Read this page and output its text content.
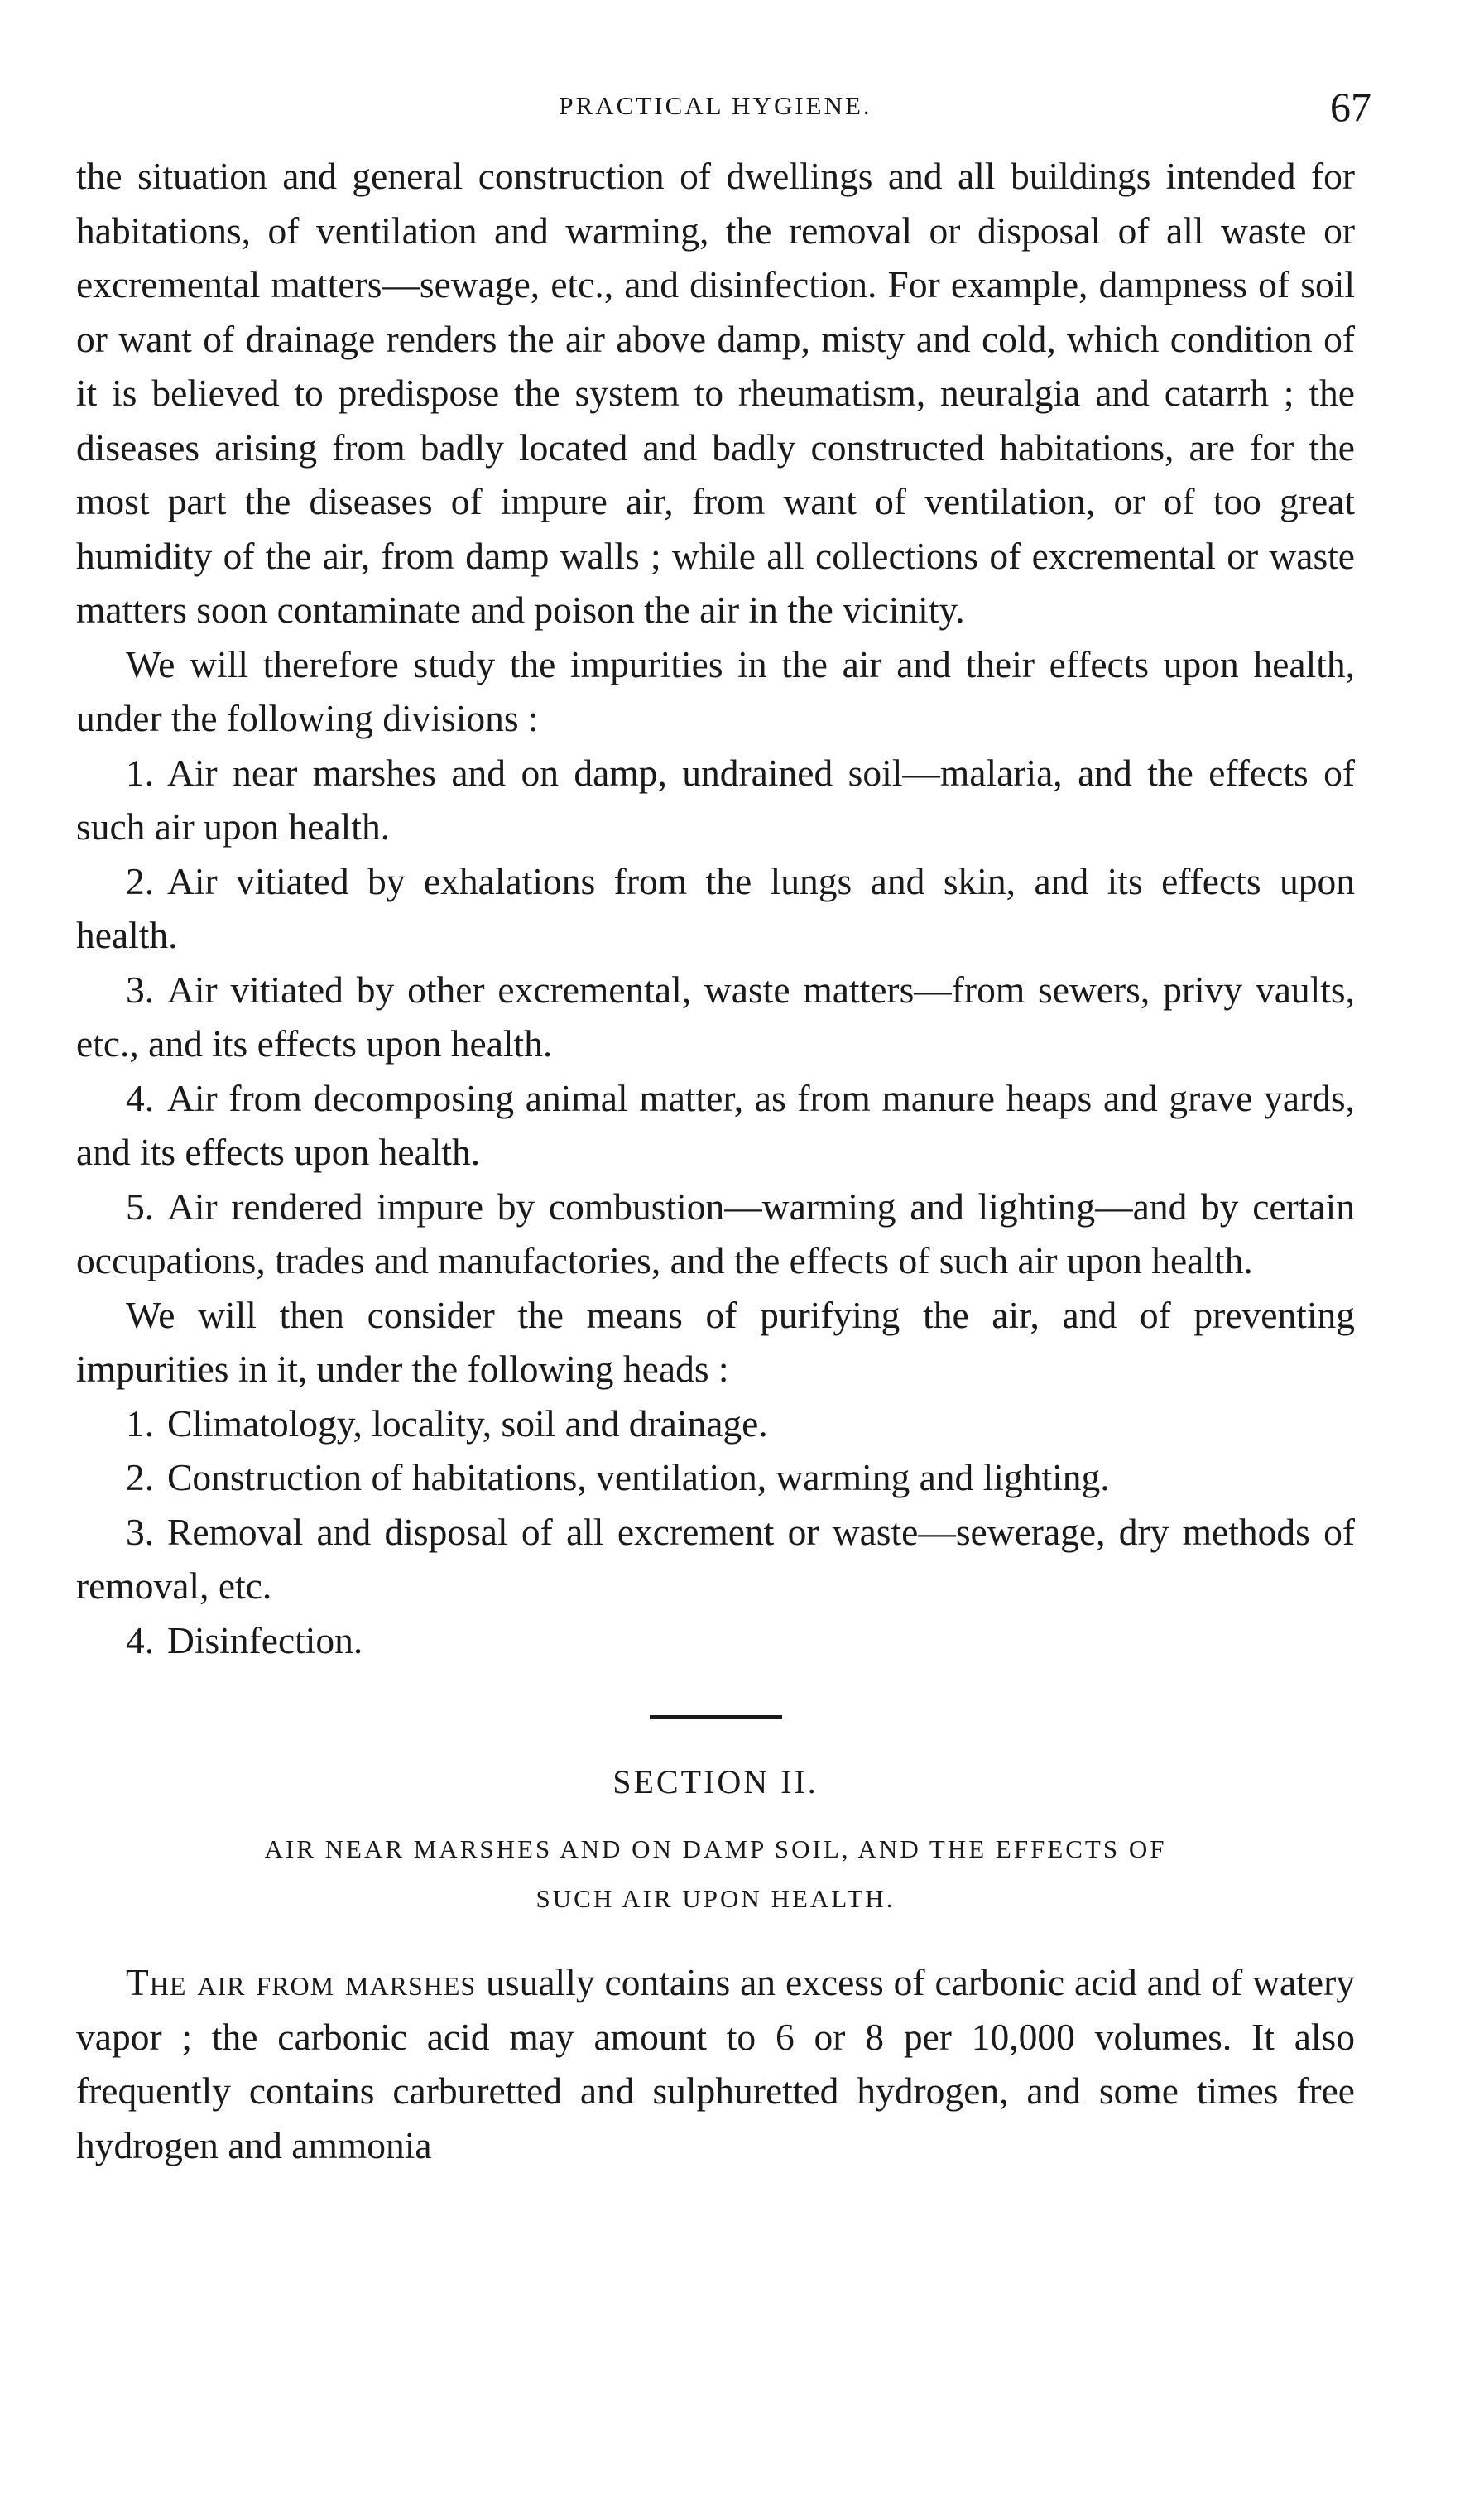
PRACTICAL HYGIENE.	67

the situation and general construction of dwellings and all buildings intended for habitations, of ventilation and warming, the removal or disposal of all waste or excremental matters—sewage, etc., and disinfection. For example, dampness of soil or want of drainage renders the air above damp, misty and cold, which condition of it is believed to predispose the system to rheumatism, neuralgia and catarrh ; the diseases arising from badly located and badly constructed habitations, are for the most part the diseases of impure air, from want of ventilation, or of too great humidity of the air, from damp walls ; while all collections of excremental or waste matters soon contaminate and poison the air in the vicinity.

We will therefore study the impurities in the air and their effects upon health, under the following divisions :

1. Air near marshes and on damp, undrained soil—malaria, and the effects of such air upon health.

2. Air vitiated by exhalations from the lungs and skin, and its effects upon health.

3. Air vitiated by other excremental, waste matters—from sewers, privy vaults, etc., and its effects upon health.

4. Air from decomposing animal matter, as from manure heaps and grave yards, and its effects upon health.

5. Air rendered impure by combustion—warming and lighting—and by certain occupations, trades and manufactories, and the effects of such air upon health.

We will then consider the means of purifying the air, and of preventing impurities in it, under the following heads :

1. Climatology, locality, soil and drainage.

2. Construction of habitations, ventilation, warming and lighting.

3. Removal and disposal of all excrement or waste—sewerage, dry methods of removal, etc.

4. Disinfection.

SECTION II.
AIR NEAR MARSHES AND ON DAMP SOIL, AND THE EFFECTS OF
SUCH AIR UPON HEALTH.

The air from marshes usually contains an excess of carbonic acid and of watery vapor ; the carbonic acid may amount to 6 or 8 per 10,000 volumes. It also frequently contains carburetted and sulphuretted hydrogen, and some times free hydrogen and ammonia
